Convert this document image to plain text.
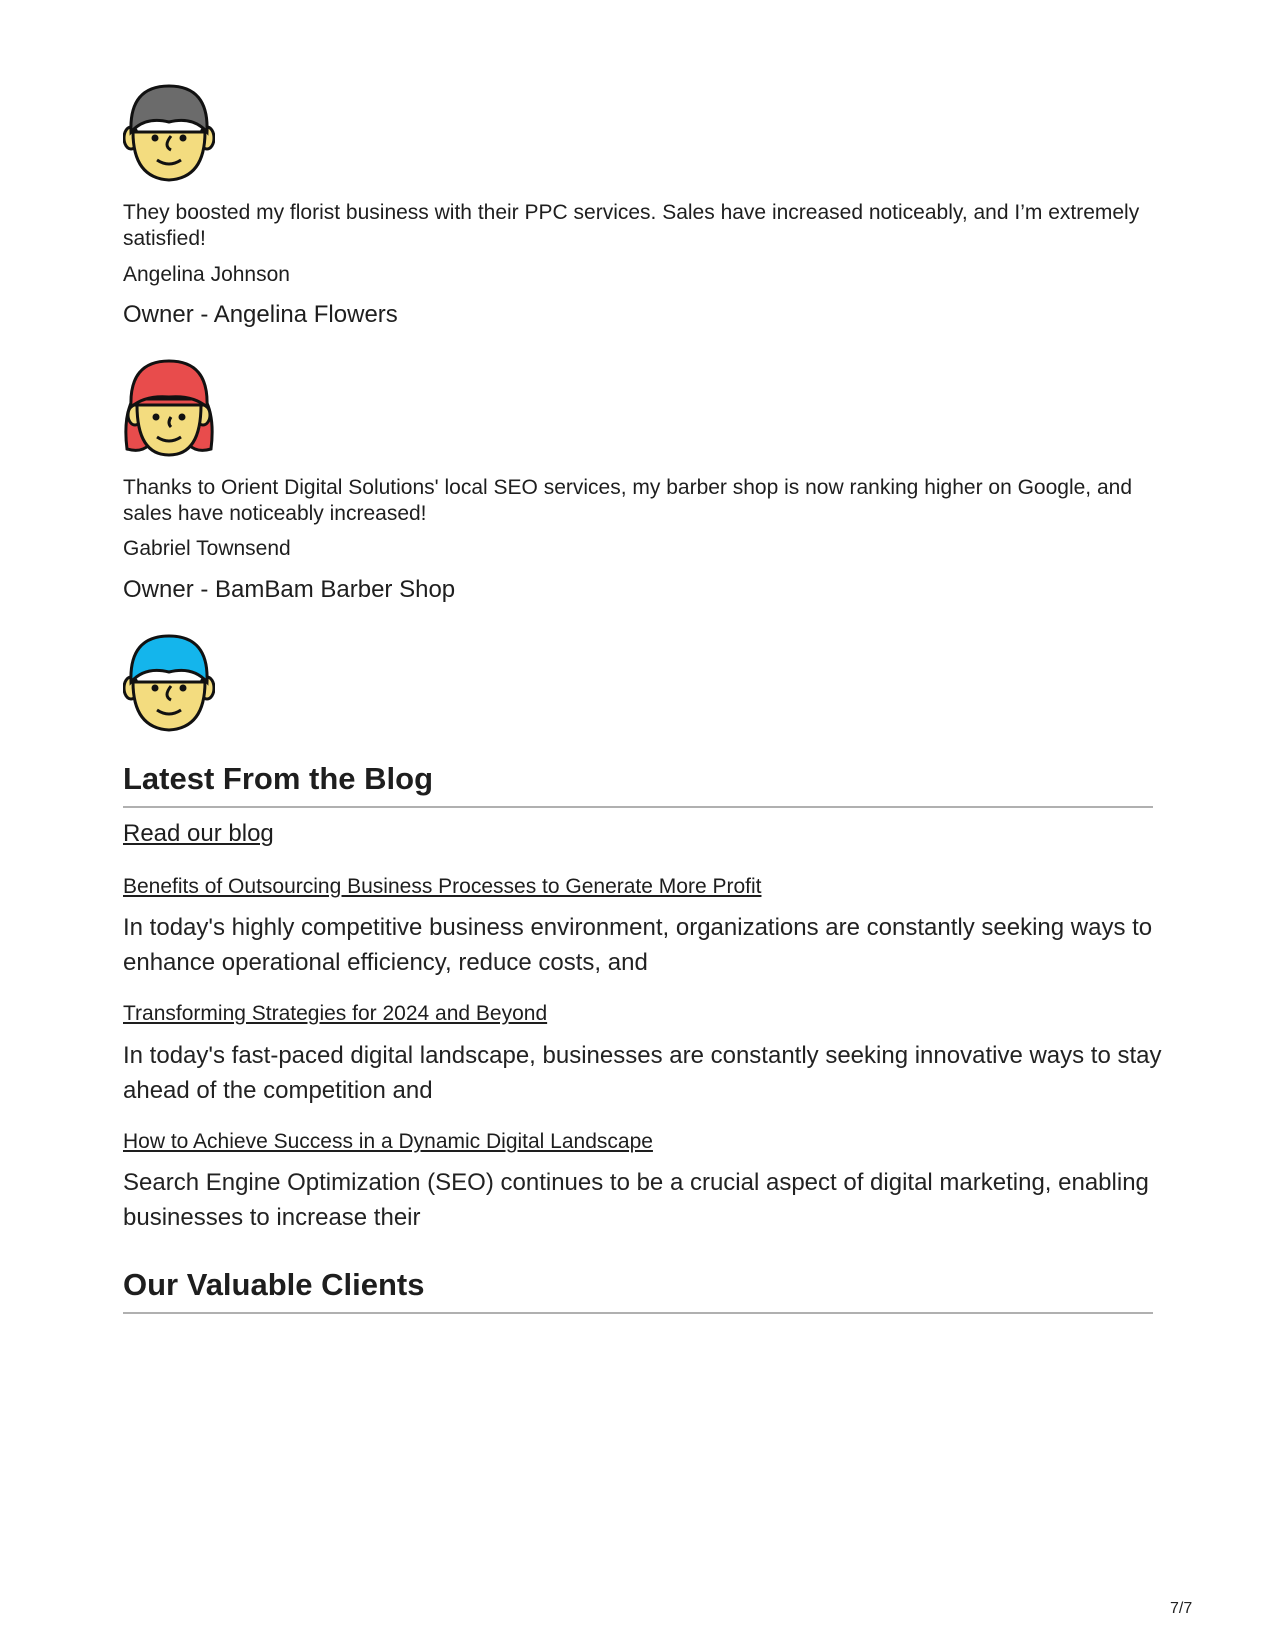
They boosted my florist business with their PPC services. Sales have increased noticeably, and I’m extremely satisfied!

Angelina Johnson

Owner - Angelina Flowers

Thanks to Orient Digital Solutions' local SEO services, my barber shop is now ranking higher on Google, and sales have noticeably increased!

Gabriel Townsend

Owner - BamBam Barber Shop

Latest From the Blog
Read our blog
Benefits of Outsourcing Business Processes to Generate More Profit

In today's highly competitive business environment, organizations are constantly seeking ways to enhance operational efficiency, reduce costs, and

Transforming Strategies for 2024 and Beyond

In today's fast-paced digital landscape, businesses are constantly seeking innovative ways to stay ahead of the competition and

How to Achieve Success in a Dynamic Digital Landscape

Search Engine Optimization (SEO) continues to be a crucial aspect of digital marketing, enabling businesses to increase their

Our Valuable Clients
7/7
